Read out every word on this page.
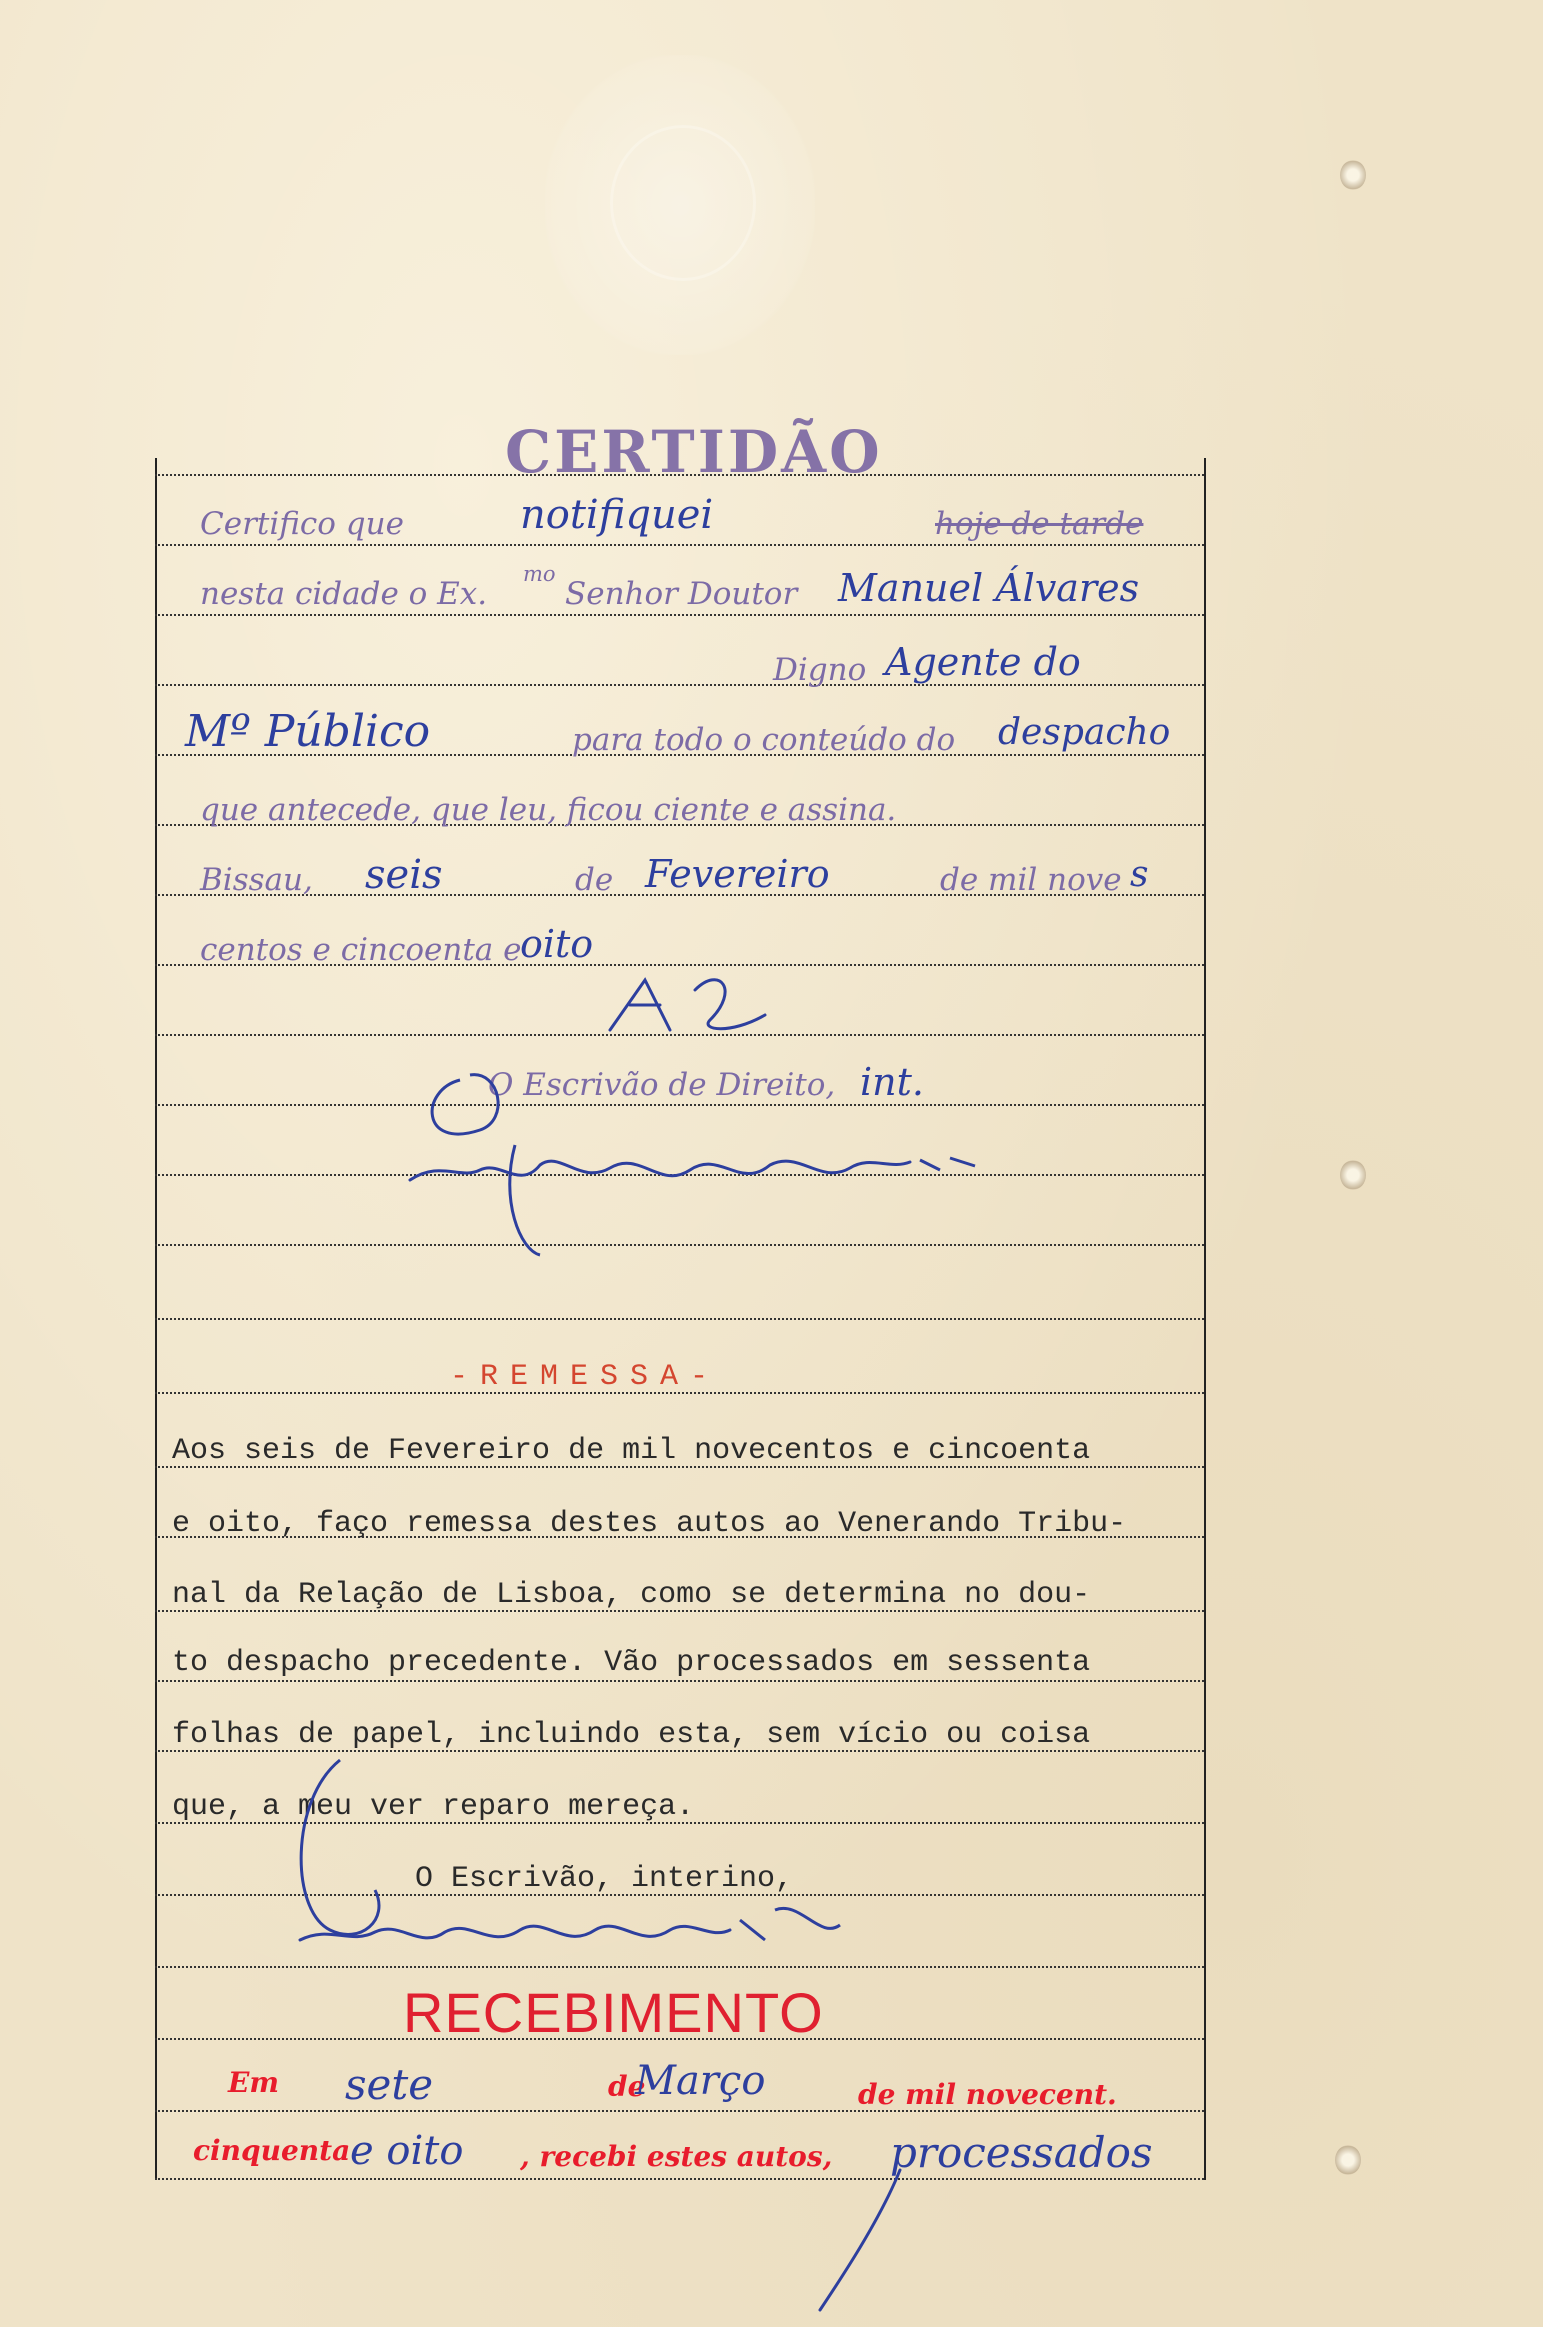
CERTIDÃO
Certifico que	hoje de tarde
nesta cidade o Ex.
mo
Senhor Doutor
Digno
para todo o conteúdo do
que antecede, que leu, ficou ciente e assina.
Bissau,	de	de mil nove
centos e cincoenta e
O Escrivão de Direito,
notifiquei
Manuel Álvares
Agente do
Mº Público	despacho
seis	Fevereiro	s
oito
int.
-REMESSA-
Aos seis de Fevereiro de mil novecentos e cincoenta
e oito, faço remessa destes autos ao Venerando Tribu-
nal da Relação de Lisboa, como se determina no dou-
to despacho precedente. Vão processados em sessenta
folhas de papel, incluindo esta, sem vício ou coisa
que, a meu ver reparo mereça.
O Escrivão, interino,
RECEBIMENTO
Em	de	de mil novecent.
cinquenta	, recebi estes autos,
sete	Março
e oito	processados
